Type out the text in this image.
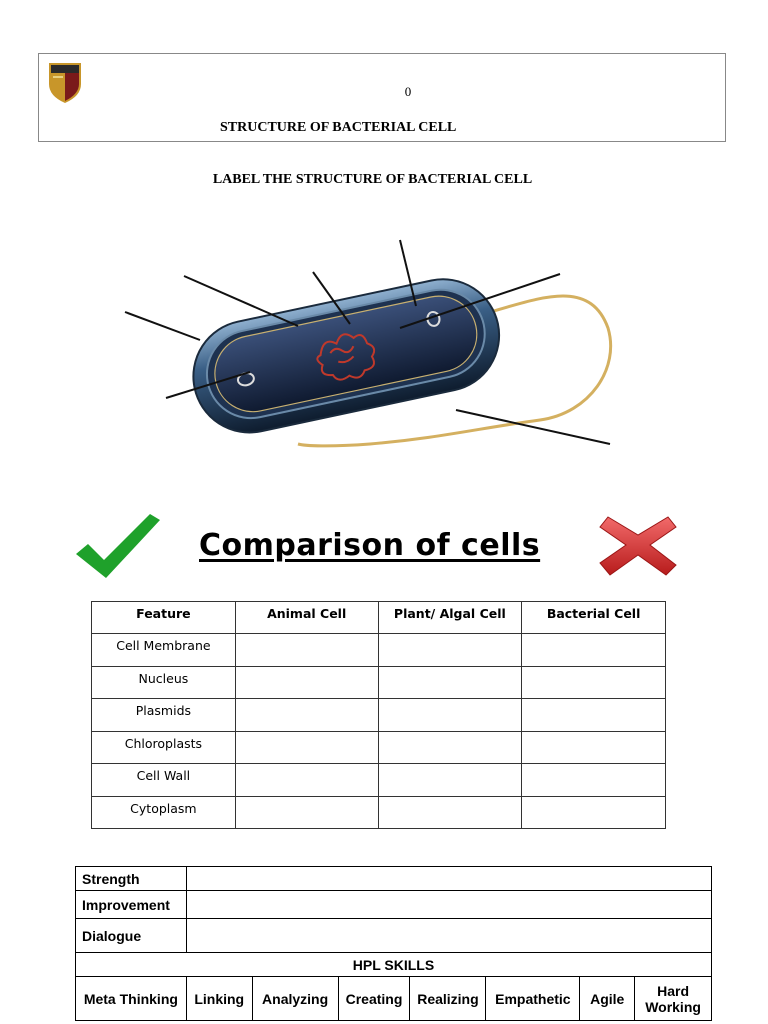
0
STRUCTURE OF BACTERIAL CELL
LABEL THE STRUCTURE OF BACTERIAL CELL
Comparison of cells
Feature	Animal Cell	Plant/ Algal Cell	Bacterial Cell
Cell Membrane			
Nucleus			
Plasmids			
Chloroplasts			
Cell Wall			
Cytoplasm			
Strength							
Improvement							
Dialogue							
HPL SKILLS							
Meta Thinking	Linking	Analyzing	Creating	Realizing	Empathetic	Agile	Hard Working
